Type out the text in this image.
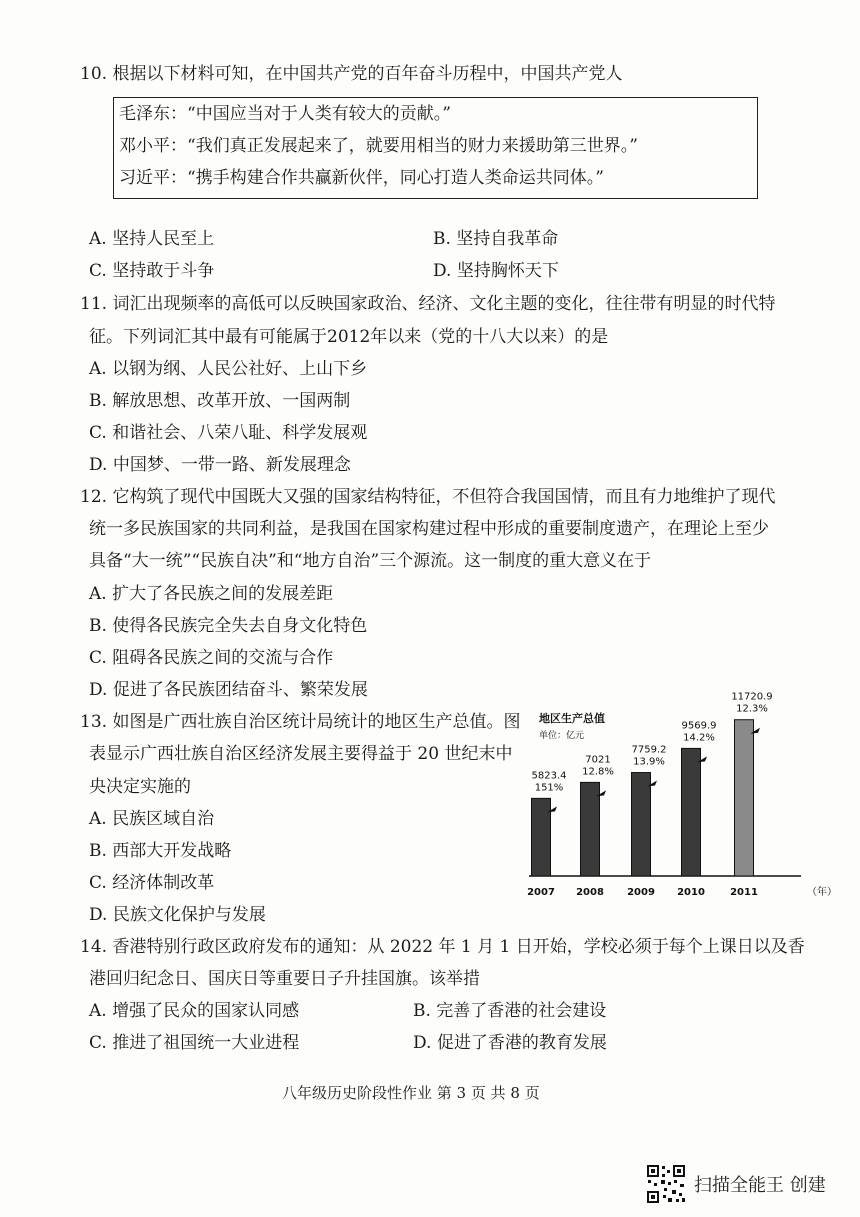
10. 根据以下材料可知，在中国共产党的百年奋斗历程中，中国共产党人
毛泽东：“中国应当对于人类有较大的贡献。”
邓小平：“我们真正发展起来了，就要用相当的财力来援助第三世界。”
习近平：“携手构建合作共赢新伙伴，同心打造人类命运共同体。”
A. 坚持人民至上	B. 坚持自我革命
C. 坚持敢于斗争	D. 坚持胸怀天下
11. 词汇出现频率的高低可以反映国家政治、经济、文化主题的变化，往往带有明显的时代特
征。下列词汇其中最有可能属于2012年以来（党的十八大以来）的是
A. 以钢为纲、人民公社好、上山下乡
B. 解放思想、改革开放、一国两制
C. 和谐社会、八荣八耻、科学发展观
D. 中国梦、一带一路、新发展理念
12. 它构筑了现代中国既大又强的国家结构特征，不但符合我国国情，而且有力地维护了现代
统一多民族国家的共同利益，是我国在国家构建过程中形成的重要制度遗产，在理论上至少
具备“大一统”“民族自决”和“地方自治”三个源流。这一制度的重大意义在于
A. 扩大了各民族之间的发展差距
B. 使得各民族完全失去自身文化特色
C. 阻碍各民族之间的交流与合作
D. 促进了各民族团结奋斗、繁荣发展
13. 如图是广西壮族自治区统计局统计的地区生产总值。图
表显示广西壮族自治区经济发展主要得益于 20 世纪末中
央决定实施的
A. 民族区域自治
B. 西部大开发战略
C. 经济体制改革
D. 民族文化保护与发展
地区生产总值
单位：亿元
5823.4
151%
2007
7021
12.8%
2008
7759.2
13.9%
2009
9569.9
14.2%
2010
11720.9
12.3%
2011	（年）
14. 香港特别行政区政府发布的通知：从 2022 年 1 月 1 日开始，学校必须于每个上课日以及香
港回归纪念日、国庆日等重要日子升挂国旗。该举措
A. 增强了民众的国家认同感	B. 完善了香港的社会建设
C. 推进了祖国统一大业进程	D. 促进了香港的教育发展
八年级历史阶段性作业 第 3 页 共 8 页
扫描全能王 创建
